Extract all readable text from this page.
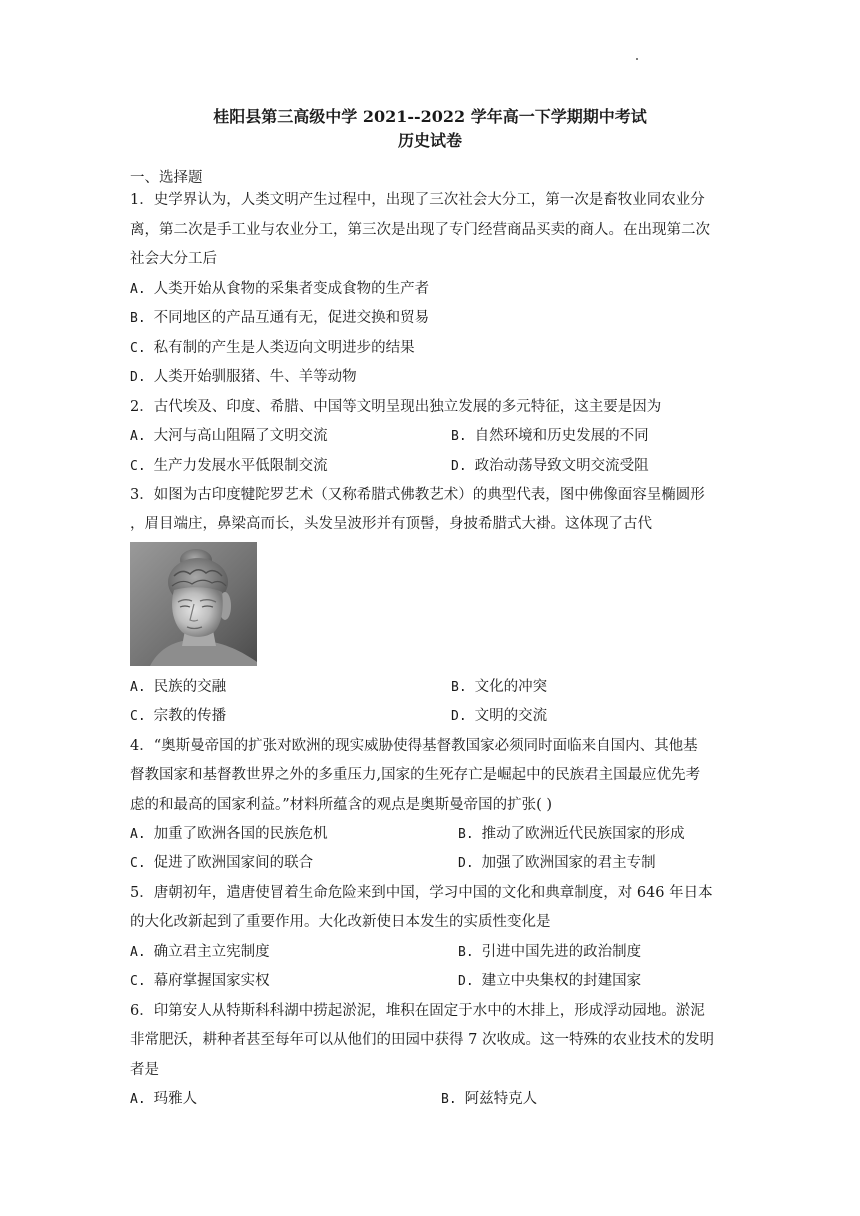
桂阳县第三高级中学 2021--2022 学年高一下学期期中考试
历史试卷
一、选择题
1．史学界认为，人类文明产生过程中，出现了三次社会大分工，第一次是畜牧业同农业分
离，第二次是手工业与农业分工，第三次是出现了专门经营商品买卖的商人。在出现第二次
社会大分工后
A. 人类开始从食物的采集者变成食物的生产者
B. 不同地区的产品互通有无，促进交换和贸易
C. 私有制的产生是人类迈向文明进步的结果
D. 人类开始驯服猪、牛、羊等动物
2．古代埃及、印度、希腊、中国等文明呈现出独立发展的多元特征，这主要是因为
A. 大河与高山阻隔了文明交流	B. 自然环境和历史发展的不同
C. 生产力发展水平低限制交流	D. 政治动荡导致文明交流受阻
3．如图为古印度犍陀罗艺术（又称希腊式佛教艺术）的典型代表，图中佛像面容呈椭圆形
，眉目端庄，鼻梁高而长，头发呈波形并有顶髻，身披希腊式大褂。这体现了古代
A. 民族的交融	B. 文化的冲突
C. 宗教的传播	D. 文明的交流
4．“奥斯曼帝国的扩张对欧洲的现实威胁使得基督教国家必须同时面临来自国内、其他基
督教国家和基督教世界之外的多重压力,国家的生死存亡是崛起中的民族君主国最应优先考
虑的和最高的国家利益。”材料所蕴含的观点是奥斯曼帝国的扩张( )
A. 加重了欧洲各国的民族危机	B. 推动了欧洲近代民族国家的形成
C. 促进了欧洲国家间的联合	D. 加强了欧洲国家的君主专制
5．唐朝初年，遣唐使冒着生命危险来到中国，学习中国的文化和典章制度，对 646 年日本
的大化改新起到了重要作用。大化改新使日本发生的实质性变化是
A. 确立君主立宪制度	B. 引进中国先进的政治制度
C. 幕府掌握国家实权	D. 建立中央集权的封建国家
6．印第安人从特斯科科湖中捞起淤泥，堆积在固定于水中的木排上，形成浮动园地。淤泥
非常肥沃，耕种者甚至每年可以从他们的田园中获得 7 次收成。这一特殊的农业技术的发明
者是
A. 玛雅人	B. 阿兹特克人
